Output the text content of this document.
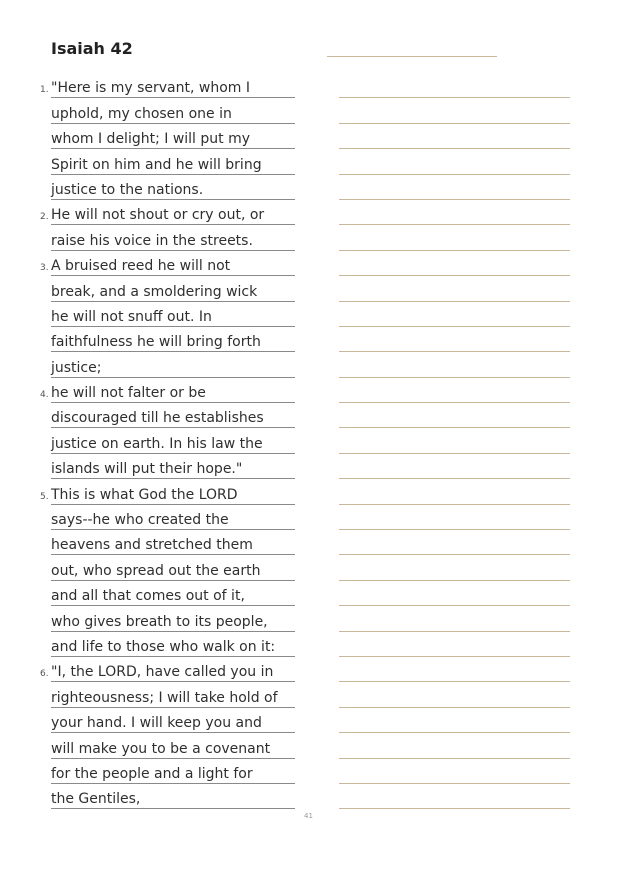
Isaiah 42
1. "Here is my servant, whom I
uphold, my chosen one in
whom I delight; I will put my
Spirit on him and he will bring
justice to the nations.
2. He will not shout or cry out, or
raise his voice in the streets.
3. A bruised reed he will not
break, and a smoldering wick
he will not snuff out. In
faithfulness he will bring forth
justice;
4. he will not falter or be
discouraged till he establishes
justice on earth. In his law the
islands will put their hope."
5. This is what God the LORD
says--he who created the
heavens and stretched them
out, who spread out the earth
and all that comes out of it,
who gives breath to its people,
and life to those who walk on it:
6. "I, the LORD, have called you in
righteousness; I will take hold of
your hand. I will keep you and
will make you to be a covenant
for the people and a light for
the Gentiles,
41
